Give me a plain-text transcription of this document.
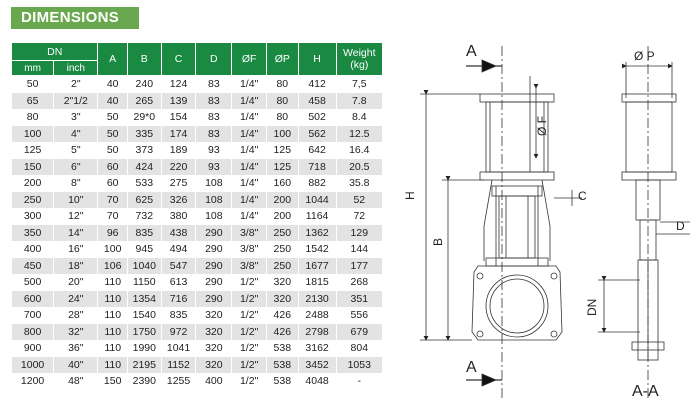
DIMENSIONS
DN		A	B	C	D	ØF	ØP	H	Weight
(kg)

mm	inch								
50	2"	40	240	124	83	1/4"	80	412	7,5
65	2"1/2	40	265	139	83	1/4"	80	458	7.8
80	3"	50	29*0	154	83	1/4"	80	502	8.4
100	4"	50	335	174	83	1/4"	100	562	12.5
125	5"	50	373	189	93	1/4"	125	642	16.4
150	6"	60	424	220	93	1/4"	125	718	20.5
200	8"	60	533	275	108	1/4"	160	882	35.8
250	10"	70	625	326	108	1/4"	200	1044	52
300	12"	70	732	380	108	1/4"	200	1164	72
350	14"	96	835	438	290	3/8"	250	1362	129
400	16"	100	945	494	290	3/8"	250	1542	144
450	18"	106	1040	547	290	3/8"	250	1677	177
500	20"	110	1150	613	290	1/2"	320	1815	268
600	24"	110	1354	716	290	1/2"	320	2130	351
700	28"	110	1540	835	320	1/2"	426	2488	556
800	32"	110	1750	972	320	1/2"	426	2798	679
900	36"	110	1990	1041	320	1/2"	538	3162	804
1000	40"	110	2195	1152	320	1/2"	538	3452	1053
1200	48"	150	2390	1255	400	1/2"	538	4048	-
A
A
A-A
H
B
C
D
DN
Ø F
Ø P
